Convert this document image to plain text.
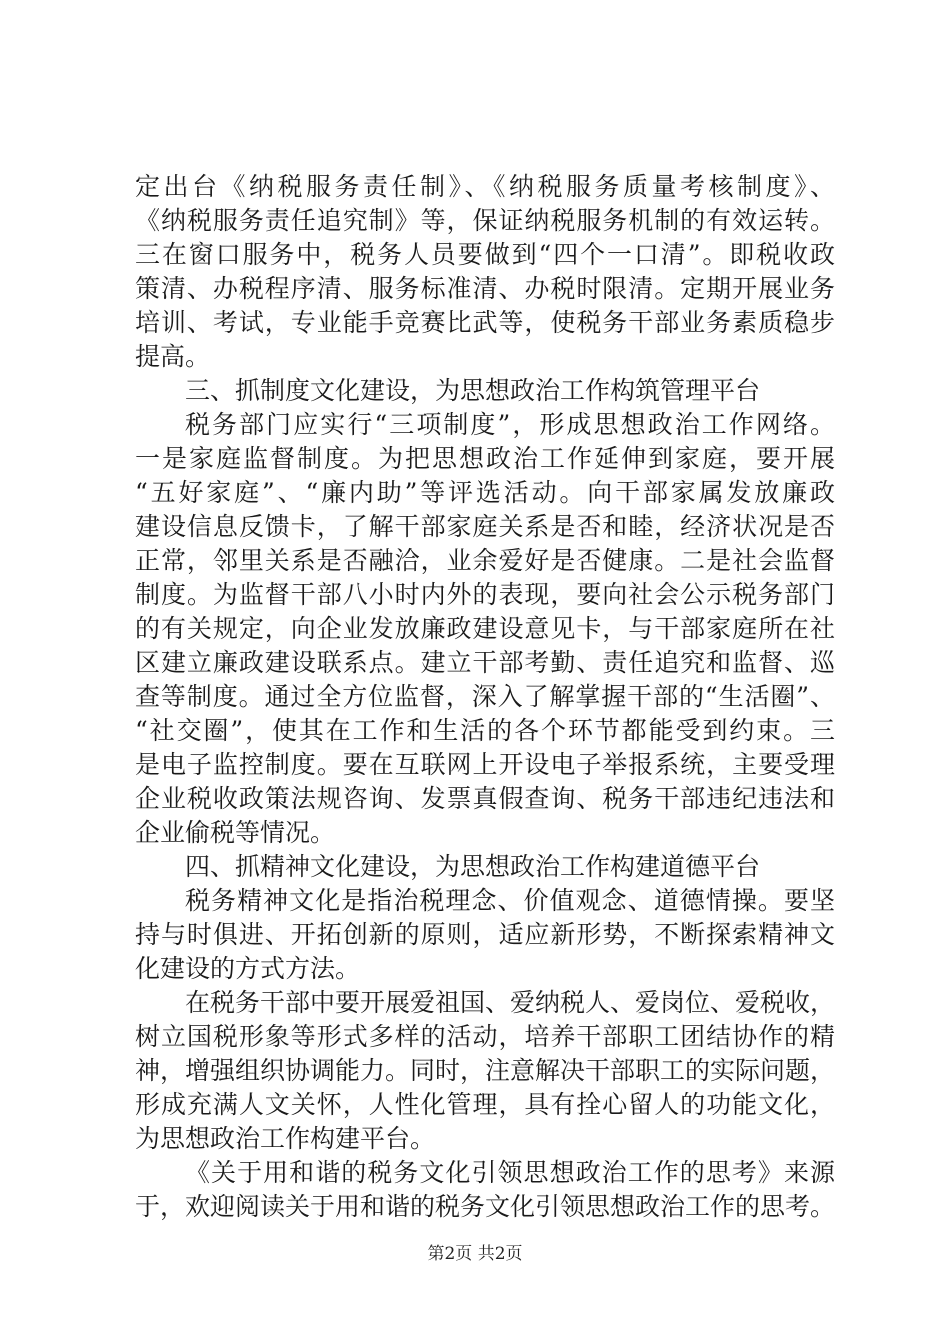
定出台《纳税服务责任制》、《纳税服务质量考核制度》、
《纳税服务责任追究制》等，保证纳税服务机制的有效运转。
三在窗口服务中，税务人员要做到“四个一口清”。即税收政
策清、办税程序清、服务标准清、办税时限清。定期开展业务
培训、考试，专业能手竞赛比武等，使税务干部业务素质稳步
提高。
三、抓制度文化建设，为思想政治工作构筑管理平台
税务部门应实行“三项制度”，形成思想政治工作网络。
一是家庭监督制度。为把思想政治工作延伸到家庭，要开展
“五好家庭”、“廉内助”等评选活动。向干部家属发放廉政
建设信息反馈卡，了解干部家庭关系是否和睦，经济状况是否
正常，邻里关系是否融洽，业余爱好是否健康。二是社会监督
制度。为监督干部八小时内外的表现，要向社会公示税务部门
的有关规定，向企业发放廉政建设意见卡，与干部家庭所在社
区建立廉政建设联系点。建立干部考勤、责任追究和监督、巡
查等制度。通过全方位监督，深入了解掌握干部的“生活圈”、
“社交圈”，使其在工作和生活的各个环节都能受到约束。三
是电子监控制度。要在互联网上开设电子举报系统，主要受理
企业税收政策法规咨询、发票真假查询、税务干部违纪违法和
企业偷税等情况。
四、抓精神文化建设，为思想政治工作构建道德平台
税务精神文化是指治税理念、价值观念、道德情操。要坚
持与时俱进、开拓创新的原则，适应新形势，不断探索精神文
化建设的方式方法。
在税务干部中要开展爱祖国、爱纳税人、爱岗位、爱税收，
树立国税形象等形式多样的活动，培养干部职工团结协作的精
神，增强组织协调能力。同时，注意解决干部职工的实际问题，
形成充满人文关怀，人性化管理，具有拴心留人的功能文化，
为思想政治工作构建平台。
《关于用和谐的税务文化引领思想政治工作的思考》来源
于，欢迎阅读关于用和谐的税务文化引领思想政治工作的思考。
第2页 共2页
